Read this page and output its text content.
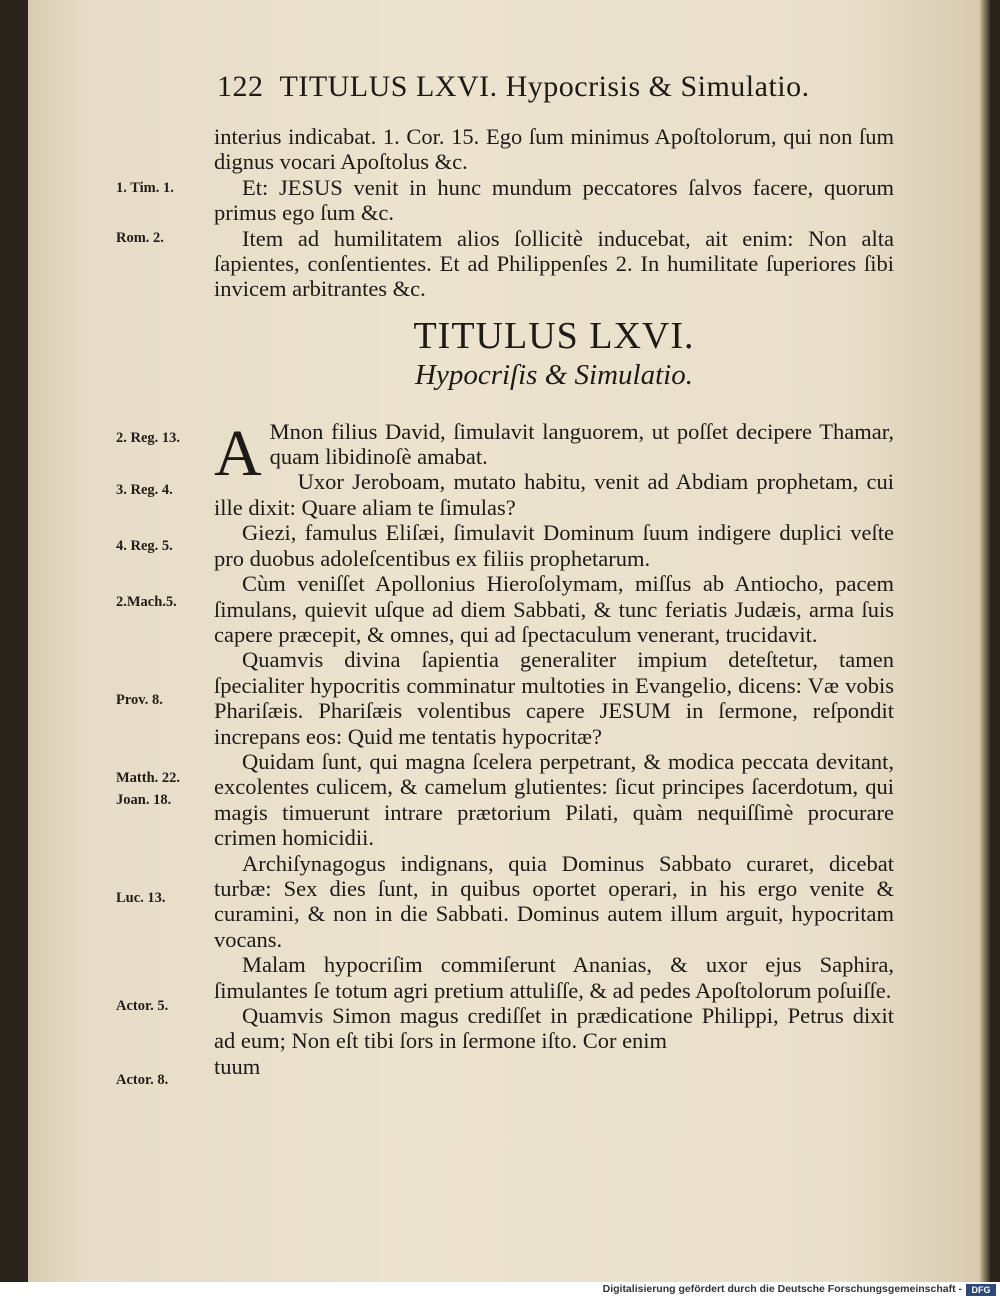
122 TITULUS LXVI. Hypocrisis & Simulatio.
1. Tim. 1.
Rom. 2.
2. Reg. 13.
3. Reg. 4.
4. Reg. 5.
2.Mach.5.
Prov. 8.
Matth. 22.
Joan. 18.
Luc. 13.
Actor. 5.
Actor. 8.

interius indicabat. 1. Cor. 15. Ego ſum minimus Apoſtolorum, qui non ſum dignus vocari Apoſtolus &c.

Et: JESUS venit in hunc mundum peccatores ſalvos facere, quorum primus ego ſum &c.

Item ad humilitatem alios ſollicitè inducebat, ait enim: Non alta ſapientes, conſentientes. Et ad Philippenſes 2. In humilitate ſuperiores ſibi invicem arbitrantes &c.

TITULUS LXVI.
Hypocriſis & Simulatio.

A Mnon filius David, ſimulavit languorem, ut poſſet decipere Thamar, quam libidinoſè amabat.

Uxor Jeroboam, mutato habitu, venit ad Abdiam prophetam, cui ille dixit: Quare aliam te ſimulas?

Giezi, famulus Eliſæi, ſimulavit Dominum ſuum indigere duplici veſte pro duobus adoleſcentibus ex filiis prophetarum.

Cùm veniſſet Apollonius Hieroſolymam, miſſus ab Antiocho, pacem ſimulans, quievit uſque ad diem Sabbati, & tunc feriatis Judæis, arma ſuis capere præcepit, & omnes, qui ad ſpectaculum venerant, trucidavit.

Quamvis divina ſapientia generaliter impium deteſtetur, tamen ſpecialiter hypocritis comminatur multoties in Evangelio, dicens: Væ vobis Phariſæis. Phariſæis volentibus capere JESUM in ſermone, reſpondit increpans eos: Quid me tentatis hypocritæ?

Quidam ſunt, qui magna ſcelera perpetrant, & modica peccata devitant, excolentes culicem, & camelum glutientes: ſicut principes ſacerdotum, qui magis timuerunt intrare prætorium Pilati, quàm nequiſſimè procurare crimen homicidii.

Archiſynagogus indignans, quia Dominus Sabbato curaret, dicebat turbæ: Sex dies ſunt, in quibus oportet operari, in his ergo venite & curamini, & non in die Sabbati. Dominus autem illum arguit, hypocritam vocans.

Malam hypocriſim commiſerunt Ananias, & uxor ejus Saphira, ſimulantes ſe totum agri pretium attuliſſe, & ad pedes Apoſtolorum poſuiſſe.

Quamvis Simon magus crediſſet in prædicatione Philippi, Petrus dixit ad eum; Non eſt tibi ſors in ſermone iſto. Cor enim

tuum

Digitalisierung gefördert durch die Deutsche Forschungsgemeinschaft -	DFG
